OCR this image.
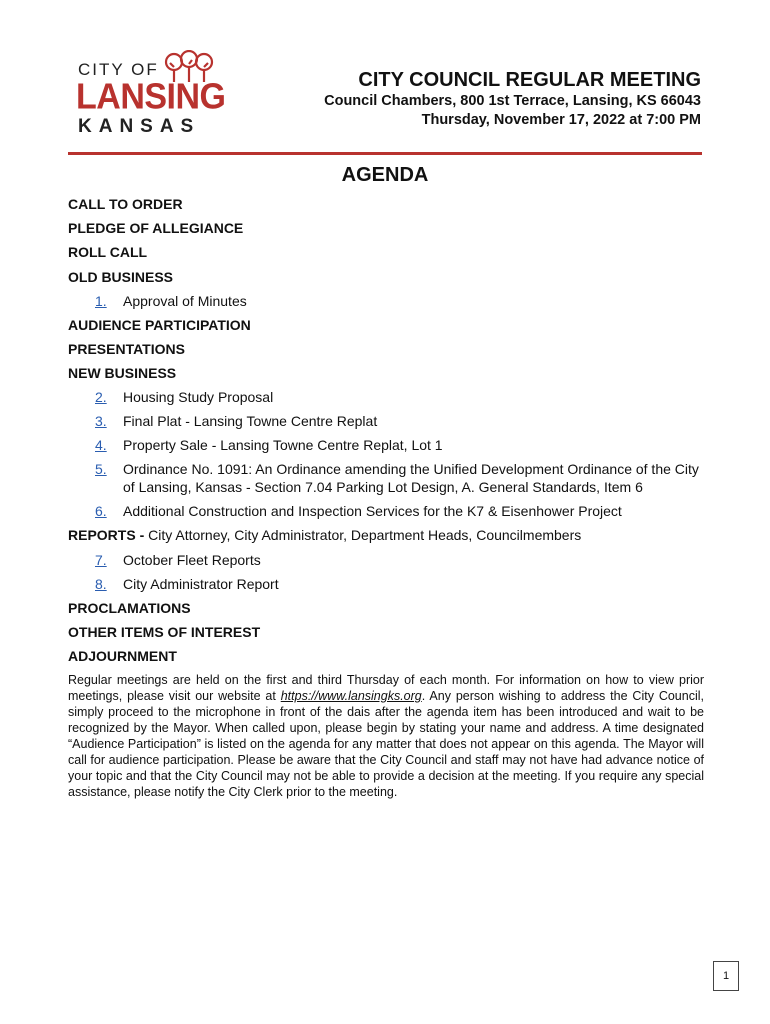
CITY OF
LANSING
KANSAS
CITY COUNCIL REGULAR MEETING
Council Chambers, 800 1st Terrace, Lansing, KS 66043
Thursday, November 17, 2022 at 7:00 PM
AGENDA
CALL TO ORDER
PLEDGE OF ALLEGIANCE
ROLL CALL
OLD BUSINESS
1.	Approval of Minutes
AUDIENCE PARTICIPATION
PRESENTATIONS
NEW BUSINESS
2.	Housing Study Proposal
3.	Final Plat - Lansing Towne Centre Replat
4.	Property Sale - Lansing Towne Centre Replat, Lot 1
5.	Ordinance No. 1091: An Ordinance amending the Unified Development Ordinance of the City of Lansing, Kansas - Section 7.04 Parking Lot Design, A. General Standards, Item 6
6.	Additional Construction and Inspection Services for the K7 & Eisenhower Project
REPORTS - City Attorney, City Administrator, Department Heads, Councilmembers
7.	October Fleet Reports
8.	City Administrator Report
PROCLAMATIONS
OTHER ITEMS OF INTEREST
ADJOURNMENT
Regular meetings are held on the first and third Thursday of each month. For information on how to view prior meetings, please visit our website at https://www.lansingks.org. Any person wishing to address the City Council, simply proceed to the microphone in front of the dais after the agenda item has been introduced and wait to be recognized by the Mayor. When called upon, please begin by stating your name and address. A time designated “Audience Participation” is listed on the agenda for any matter that does not appear on this agenda. The Mayor will call for audience participation. Please be aware that the City Council and staff may not have had advance notice of your topic and that the City Council may not be able to provide a decision at the meeting. If you require any special assistance, please notify the City Clerk prior to the meeting.
1
